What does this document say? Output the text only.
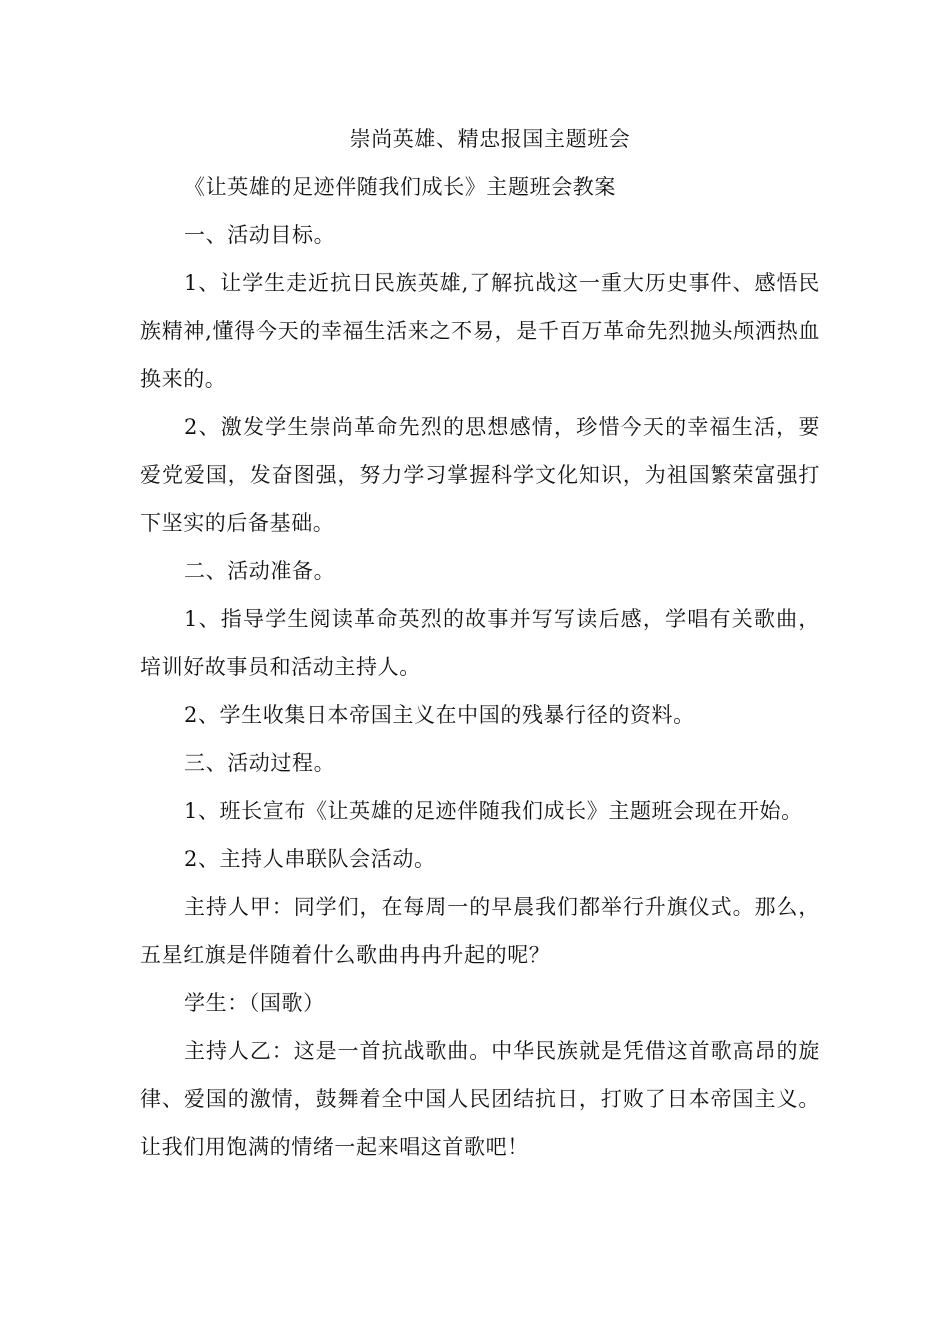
崇尚英雄、精忠报国主题班会

《让英雄的足迹伴随我们成长》主题班会教案

一、活动目标。

1、让学生走近抗日民族英雄,了解抗战这一重大历史事件、感悟民族精神,懂得今天的幸福生活来之不易，是千百万革命先烈抛头颅洒热血换来的。

2、激发学生崇尚革命先烈的思想感情，珍惜今天的幸福生活，要爱党爱国，发奋图强，努力学习掌握科学文化知识，为祖国繁荣富强打下坚实的后备基础。

二、活动准备。

1、指导学生阅读革命英烈的故事并写写读后感，学唱有关歌曲，培训好故事员和活动主持人。

2、学生收集日本帝国主义在中国的残暴行径的资料。

三、活动过程。

1、班长宣布《让英雄的足迹伴随我们成长》主题班会现在开始。

2、主持人串联队会活动。

主持人甲：同学们，在每周一的早晨我们都举行升旗仪式。那么，五星红旗是伴随着什么歌曲冉冉升起的呢？

学生：（国歌）

主持人乙：这是一首抗战歌曲。中华民族就是凭借这首歌高昂的旋律、爱国的激情，鼓舞着全中国人民团结抗日，打败了日本帝国主义。让我们用饱满的情绪一起来唱这首歌吧！
